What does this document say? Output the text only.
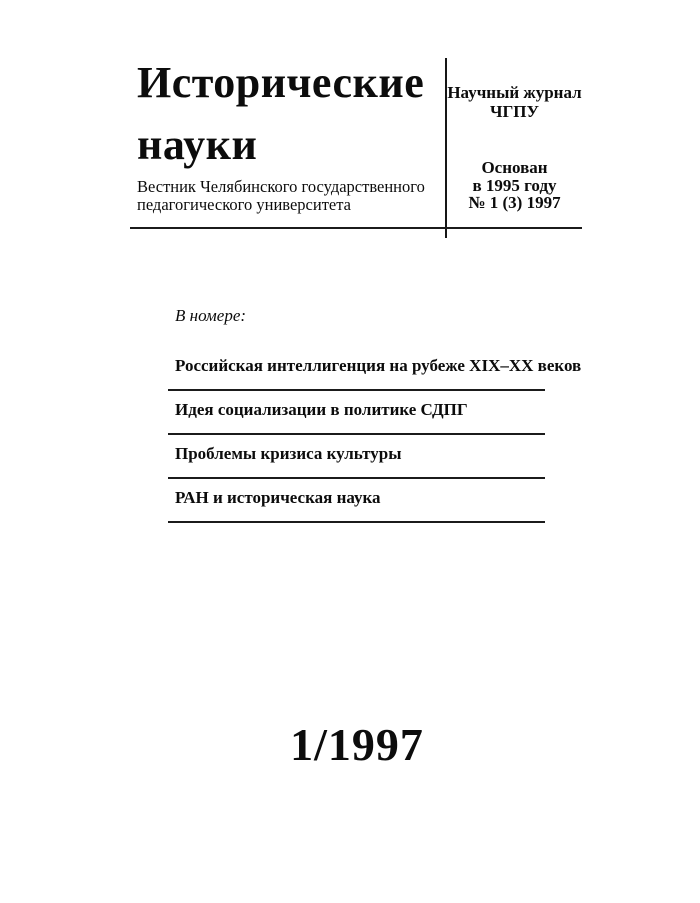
Исторические
науки
Вестник Челябинского государственного
педагогического университета
Научный журнал
ЧГПУ
Основан
в 1995 году
№ 1 (3) 1997
В номере:
Российская интеллигенция на рубеже XIX–XX веков
Идея социализации в политике СДПГ
Проблемы кризиса культуры
РАН и историческая наука
1/1997
